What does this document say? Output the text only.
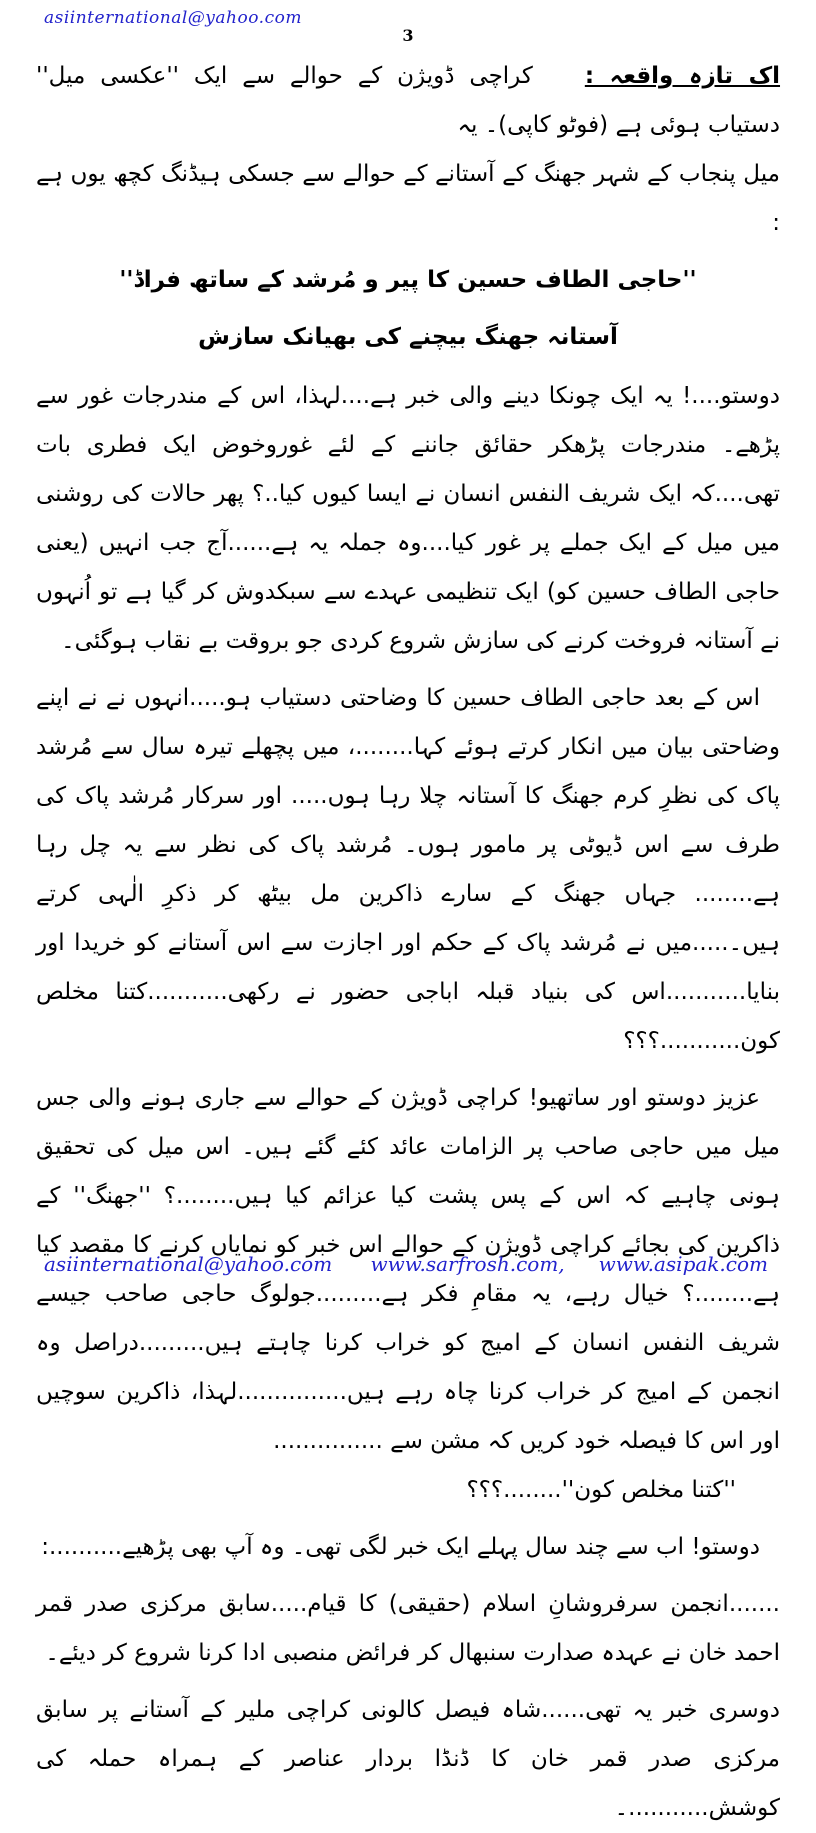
asiinternational@yahoo.com
3
اک تازہ واقعہ :کراچی ڈویژن کے حوالے سے ایک ''عکسی میل'' دستیاب ہوئی ہے (فوٹو کاپی)۔ یہ
میل پنجاب کے شہر جھنگ کے آستانے کے حوالے سے جسکی ہیڈنگ کچھ یوں ہے :
''حاجی الطاف حسین کا پیر و مُرشد کے ساتھ فراڈ''
آستانہ جھنگ بیچنے کی بھیانک سازش
دوستو....! یہ ایک چونکا دینے والی خبر ہے....لہذا، اس کے مندرجات غور سے پڑھے۔ مندرجات پڑھکر حقائق جاننے کے لئے غوروخوض ایک فطری بات تھی....کہ ایک شریف النفس انسان نے ایسا کیوں کیا..؟ پھر حالات کی روشنی میں میل کے ایک جملے پر غور کیا....وہ جملہ یہ ہے......آج جب انہیں (یعنی حاجی الطاف حسین کو) ایک تنظیمی عہدے سے سبکدوش کر گیا ہے تو اُنہوں نے آستانہ فروخت کرنے کی سازش شروع کردی جو بروقت بے نقاب ہوگئی۔
اس کے بعد حاجی الطاف حسین کا وضاحتی دستیاب ہو.....انہوں نے نے اپنے وضاحتی بیان میں انکار کرتے ہوئے کہا........، میں پچھلے تیرہ سال سے مُرشد پاک کی نظرِ کرم جھنگ کا آستانہ چلا رہا ہوں..... اور سرکار مُرشد پاک کی طرف سے اس ڈیوٹی پر مامور ہوں۔ مُرشد پاک کی نظر سے یہ چل رہا ہے........ جہاں جھنگ کے سارے ذاکرین مل بیٹھ کر ذکرِ الٰہی کرتے ہیں۔.....میں نے مُرشد پاک کے حکم اور اجازت سے اس آستانے کو خریدا اور بنایا...........اس کی بنیاد قبلہ اباجی حضور نے رکھی...........کتنا مخلص کون...........؟؟؟
عزیز دوستو اور ساتھیو! کراچی ڈویژن کے حوالے سے جاری ہونے والی جس میل میں حاجی صاحب پر الزامات عائد کئے گئے ہیں۔ اس میل کی تحقیق ہونی چاہیے کہ اس کے پس پشت کیا عزائم کیا ہیں........؟ ''جھنگ'' کے ذاکرین کی بجائے کراچی ڈویژن کے حوالے اس خبر کو نمایاں کرنے کا مقصد کیا ہے........؟ خیال رہے، یہ مقامِ فکر ہے.........جولوگ حاجی صاحب جیسے شریف النفس انسان کے امیج کو خراب کرنا چاہتے ہیں.........دراصل وہ انجمن کے امیج کر خراب کرنا چاہ رہے ہیں...............لہذا، ذاکرین سوچیں اور اس کا فیصلہ خود کریں کہ مشن سے ...............
''کتنا مخلص کون''........؟؟؟
دوستو! اب سے چند سال پہلے ایک خبر لگی تھی۔ وہ آپ بھی پڑھیے..........:
.......انجمن سرفروشانِ اسلام (حقیقی) کا قیام.....سابق مرکزی صدر قمر احمد خان نے عہدہ صدارت سنبھال کر فرائض منصبی ادا کرنا شروع کر دیئے۔
دوسری خبر یہ تھی......شاہ فیصل کالونی کراچی ملیر کے آستانے پر سابق مرکزی صدر قمر خان کا ڈنڈا بردار عناصر کے ہمراہ حملہ کی کوشش...........۔
asiinternational@yahoo.com www.sarfrosh.com, www.asipak.com
